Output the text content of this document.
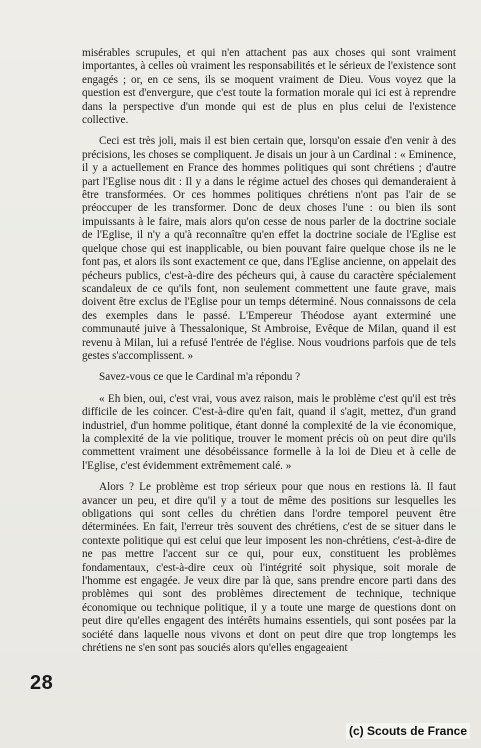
misérables scrupules, et qui n'en attachent pas aux choses qui sont vraiment importantes, à celles où vraiment les responsabilités et le sérieux de l'existence sont engagés ; or, en ce sens, ils se moquent vraiment de Dieu. Vous voyez que la question est d'envergure, que c'est toute la formation morale qui ici est à reprendre dans la perspective d'un monde qui est de plus en plus celui de l'existence collective.

Ceci est très joli, mais il est bien certain que, lorsqu'on essaie d'en venir à des précisions, les choses se compliquent. Je disais un jour à un Cardinal : « Eminence, il y a actuellement en France des hommes politiques qui sont chrétiens ; d'autre part l'Eglise nous dit : Il y a dans le régime actuel des choses qui demanderaient à être transformées. Or ces hommes politiques chrétiens n'ont pas l'air de se préoccuper de les transformer. Donc de deux choses l'une : ou bien ils sont impuissants à le faire, mais alors qu'on cesse de nous parler de la doctrine sociale de l'Eglise, il n'y a qu'à reconnaître qu'en effet la doctrine sociale de l'Eglise est quelque chose qui est inapplicable, ou bien pouvant faire quelque chose ils ne le font pas, et alors ils sont exactement ce que, dans l'Eglise ancienne, on appelait des pécheurs publics, c'est-à-dire des pécheurs qui, à cause du caractère spécialement scandaleux de ce qu'ils font, non seulement commettent une faute grave, mais doivent être exclus de l'Eglise pour un temps déterminé. Nous connaissons de cela des exemples dans le passé. L'Empereur Théodose ayant exterminé une communauté juive à Thessalonique, St Ambroise, Evêque de Milan, quand il est revenu à Milan, lui a refusé l'entrée de l'église. Nous voudrions parfois que de tels gestes s'accomplissent. »

Savez-vous ce que le Cardinal m'a répondu ?

« Eh bien, oui, c'est vrai, vous avez raison, mais le problème c'est qu'il est très difficile de les coincer. C'est-à-dire qu'en fait, quand il s'agit, mettez, d'un grand industriel, d'un homme politique, étant donné la complexité de la vie économique, la complexité de la vie politique, trouver le moment précis où on peut dire qu'ils commettent vraiment une désobéissance formelle à la loi de Dieu et à celle de l'Eglise, c'est évidemment extrêmement calé. »

Alors ? Le problème est trop sérieux pour que nous en restions là. Il faut avancer un peu, et dire qu'il y a tout de même des positions sur lesquelles les obligations qui sont celles du chrétien dans l'ordre temporel peuvent être déterminées. En fait, l'erreur très souvent des chrétiens, c'est de se situer dans le contexte politique qui est celui que leur imposent les non-chrétiens, c'est-à-dire de ne pas mettre l'accent sur ce qui, pour eux, constituent les problèmes fondamentaux, c'est-à-dire ceux où l'intégrité soit physique, soit morale de l'homme est engagée. Je veux dire par là que, sans prendre encore parti dans des problèmes qui sont des problèmes directement de technique, technique économique ou technique politique, il y a toute une marge de questions dont on peut dire qu'elles engagent des intérêts humains essentiels, qui sont posées par la société dans laquelle nous vivons et dont on peut dire que trop longtemps les chrétiens ne s'en sont pas souciés alors qu'elles engageaient

28
(c) Scouts de France
